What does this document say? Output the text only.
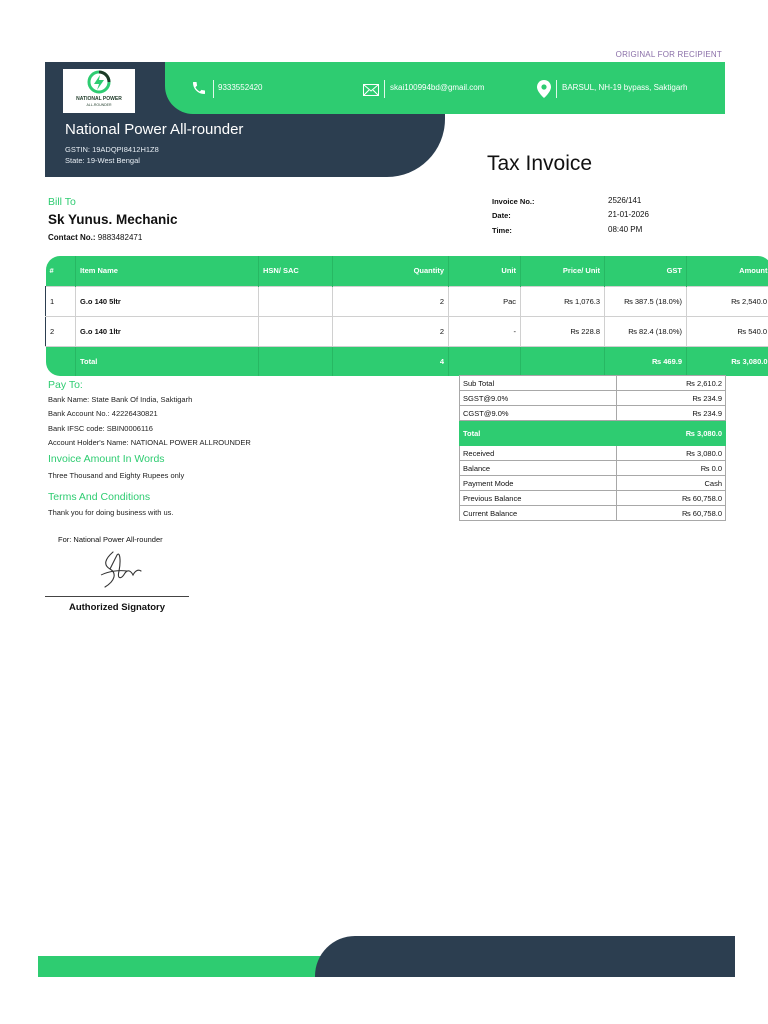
ORIGINAL FOR RECIPIENT
NATIONAL POWER
ALL-ROUNDER
9333552420	skai100994bd@gmail.com	BARSUL, NH-19 bypass, Saktigarh
National Power All-rounder
GSTIN: 19ADQPI8412H1Z8
State: 19-West Bengal	Tax Invoice
Bill To
Sk Yunus. Mechanic
Contact No.: 9883482471
Invoice No.:	2526/141
Date:	21-01-2026
Time:	08:40 PM
#	Item Name	HSN/ SAC	Quantity	Unit	Price/ Unit	GST	Amount
1	G.o 140 5ltr		2	Pac	₨ 1,076.3	₨ 387.5 (18.0%)	₨ 2,540.0
2	G.o 140 1ltr		2	-	₨ 228.8	₨ 82.4 (18.0%)	₨ 540.0
	Total		4			₨ 469.9	₨ 3,080.0
Pay To:
Bank Name: State Bank Of India, Saktigarh
Bank Account No.: 42226430821
Bank IFSC code: SBIN0006116
Account Holder's Name: NATIONAL POWER ALLROUNDER
Invoice Amount In Words
Three Thousand and Eighty Rupees only
Terms And Conditions
Thank you for doing business with us.
Sub Total	₨ 2,610.2
SGST@9.0%	₨ 234.9
CGST@9.0%	₨ 234.9
Total	₨ 3,080.0
Received	₨ 3,080.0
Balance	₨ 0.0
Payment Mode	Cash
Previous Balance	₨ 60,758.0
Current Balance	₨ 60,758.0
For: National Power All-rounder
Authorized Signatory
